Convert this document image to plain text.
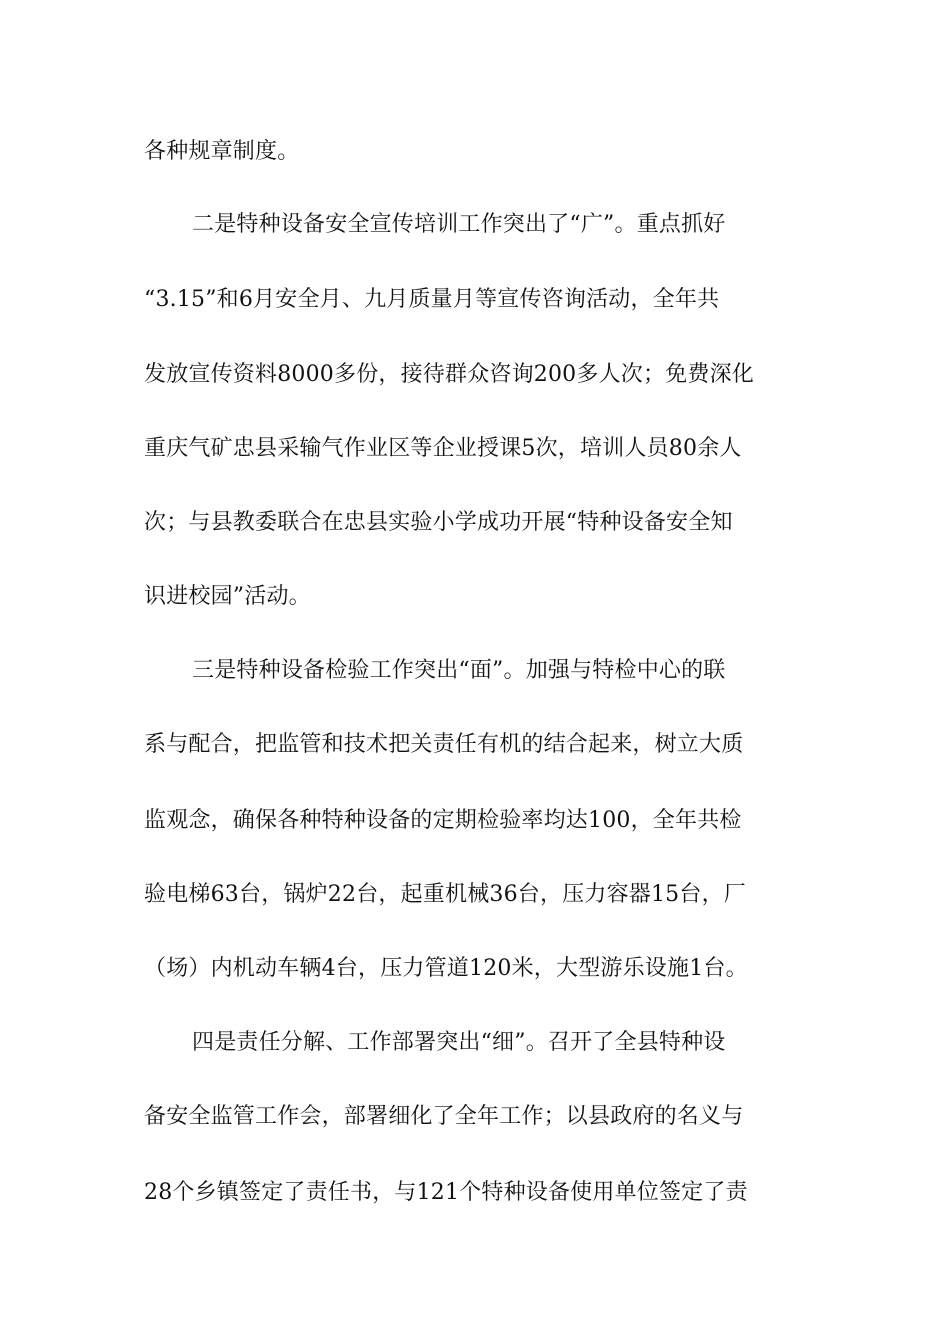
各种规章制度。
二是特种设备安全宣传培训工作突出了“广”。重点抓好
“3.15”和6月安全月、九月质量月等宣传咨询活动，全年共
发放宣传资料8000多份，接待群众咨询200多人次；免费深化
重庆气矿忠县采输气作业区等企业授课5次，培训人员80余人
次；与县教委联合在忠县实验小学成功开展“特种设备安全知
识进校园”活动。
三是特种设备检验工作突出“面”。加强与特检中心的联
系与配合，把监管和技术把关责任有机的结合起来，树立大质
监观念，确保各种特种设备的定期检验率均达100，全年共检
验电梯63台，锅炉22台，起重机械36台，压力容器15台，厂
（场）内机动车辆4台，压力管道120米，大型游乐设施1台。
四是责任分解、工作部署突出“细”。召开了全县特种设
备安全监管工作会，部署细化了全年工作；以县政府的名义与
28个乡镇签定了责任书，与121个特种设备使用单位签定了责
